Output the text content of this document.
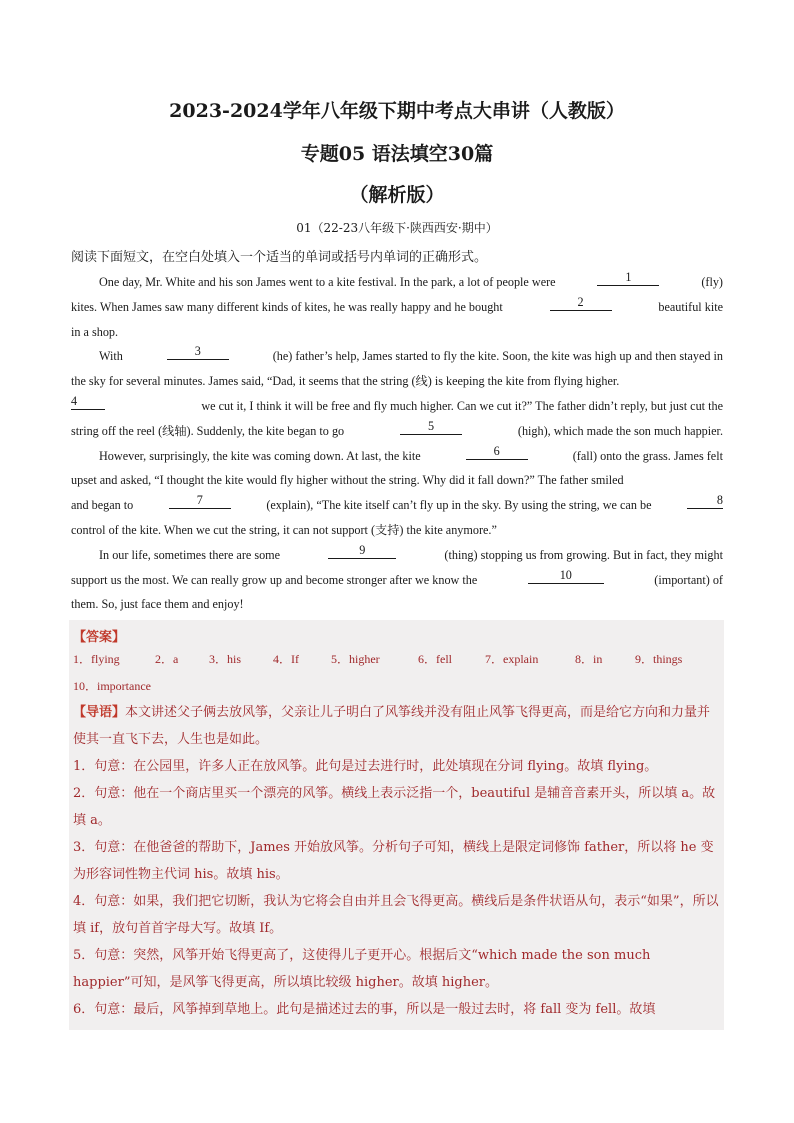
2023-2024学年八年级下期中考点大串讲（人教版）
专题05 语法填空30篇
（解析版）
01（22-23八年级下·陕西西安·期中）
阅读下面短文，在空白处填入一个适当的单词或括号内单词的正确形式。
One day, Mr. White and his son James went to a kite festival. In the park, a lot of people were	1	(fly)
kites. When James saw many different kinds of kites, he was really happy and he bought	2	beautiful kite
in a shop.
With	3	(he) father’s help, James started to fly the kite. Soon, the kite was high up and then stayed in
the sky for several minutes. James said, “Dad, it seems that the string (线) is keeping the kite from flying higher.
4	we cut it, I think it will be free and fly much higher. Can we cut it?” The father didn’t reply, but just cut the
string off the reel (线轴). Suddenly, the kite began to go	5	(high), which made the son much happier.
However, surprisingly, the kite was coming down. At last, the kite	6	(fall) onto the grass. James felt
upset and asked, “I thought the kite would fly higher without the string. Why did it fall down?” The father smiled
and began to	7	(explain), “The kite itself can’t fly up in the sky. By using the string, we can be	8
control of the kite. When we cut the string, it can not support (支持) the kite anymore.”
In our life, sometimes there are some	9	(thing) stopping us from growing. But in fact, they might
support us the most. We can really grow up and become stronger after we know the	10	(important) of
them. So, just face them and enjoy!
【答案】
1．flying	2．a	3．his	4．If	5．higher	6．fell	7．explain	8．in	9．things
10．importance
【导语】本文讲述父子俩去放风筝，父亲让儿子明白了风筝线并没有阻止风筝飞得更高，而是给它方向和力量并使其一直飞下去，人生也是如此。
1．句意：在公园里，许多人正在放风筝。此句是过去进行时，此处填现在分词 flying。故填 flying。
2．句意：他在一个商店里买一个漂亮的风筝。横线上表示泛指一个，beautiful 是辅音音素开头，所以填 a。故填 a。
3．句意：在他爸爸的帮助下，James 开始放风筝。分析句子可知，横线上是限定词修饰 father，所以将 he 变为形容词性物主代词 his。故填 his。
4．句意：如果，我们把它切断，我认为它将会自由并且会飞得更高。横线后是条件状语从句，表示“如果”，所以填 if，放句首首字母大写。故填 If。
5．句意：突然，风筝开始飞得更高了，这使得儿子更开心。根据后文“which made the son much happier”可知，是风筝飞得更高，所以填比较级 higher。故填 higher。
6．句意：最后，风筝掉到草地上。此句是描述过去的事，所以是一般过去时，将 fall 变为 fell。故填
